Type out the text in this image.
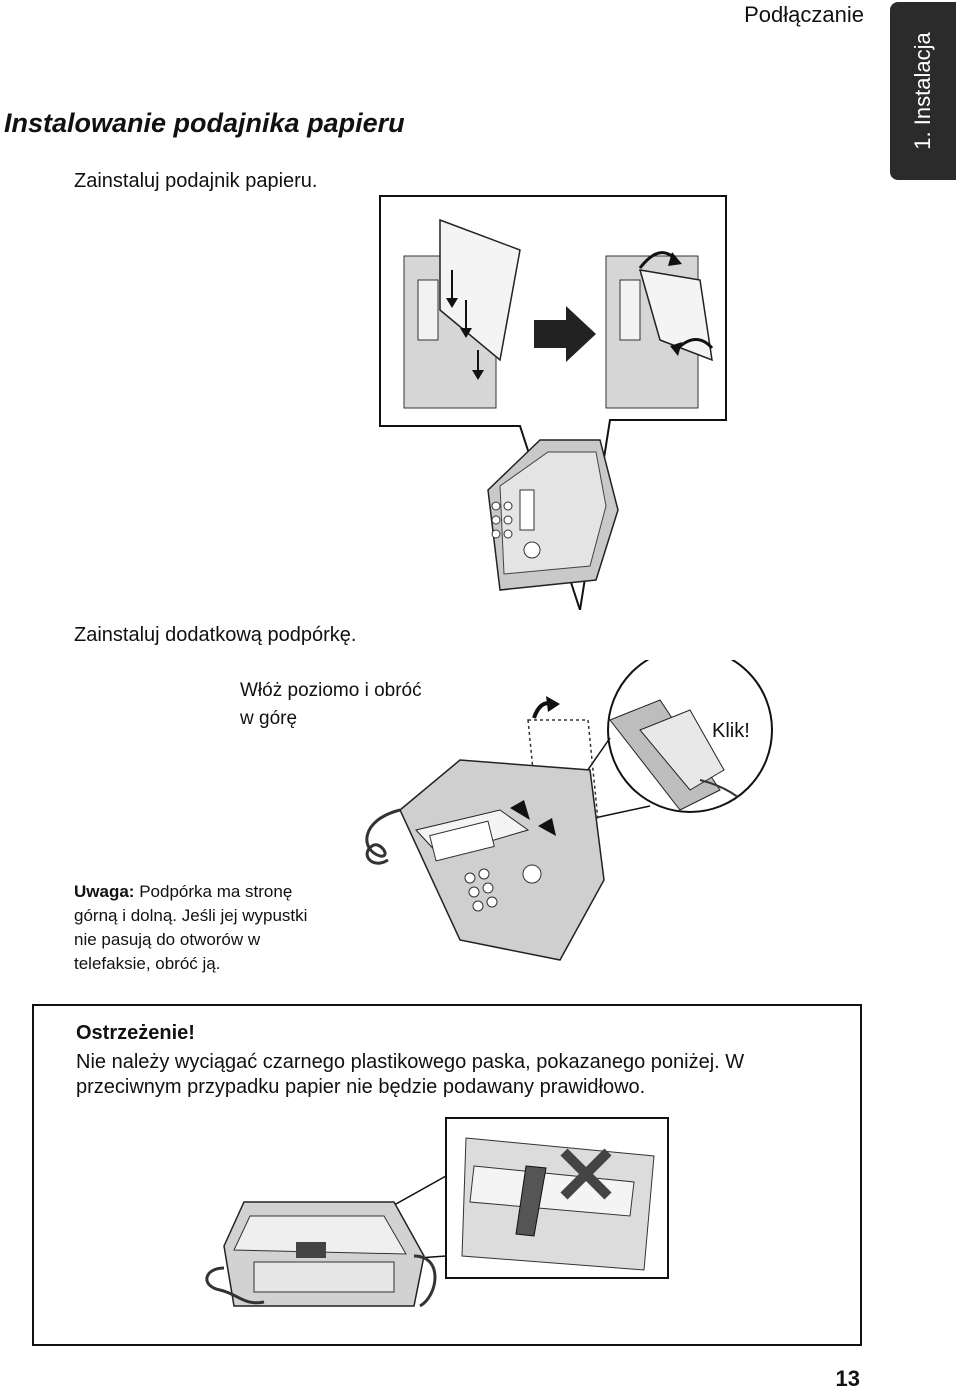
Podłączanie
1. Instalacja
Instalowanie podajnika papieru
Zainstaluj podajnik papieru.
Zainstaluj dodatkową podpórkę.
Włóż poziomo i obróć
w górę
Klik!
Uwaga: Podpórka ma stronę
górną i dolną. Jeśli jej wypustki
nie pasują do otworów w
telefaksie, obróć ją.
Ostrzeżenie!
Nie należy wyciągać czarnego plastikowego paska, pokazanego poniżej. W
przeciwnym przypadku papier nie będzie podawany prawidłowo.
13
